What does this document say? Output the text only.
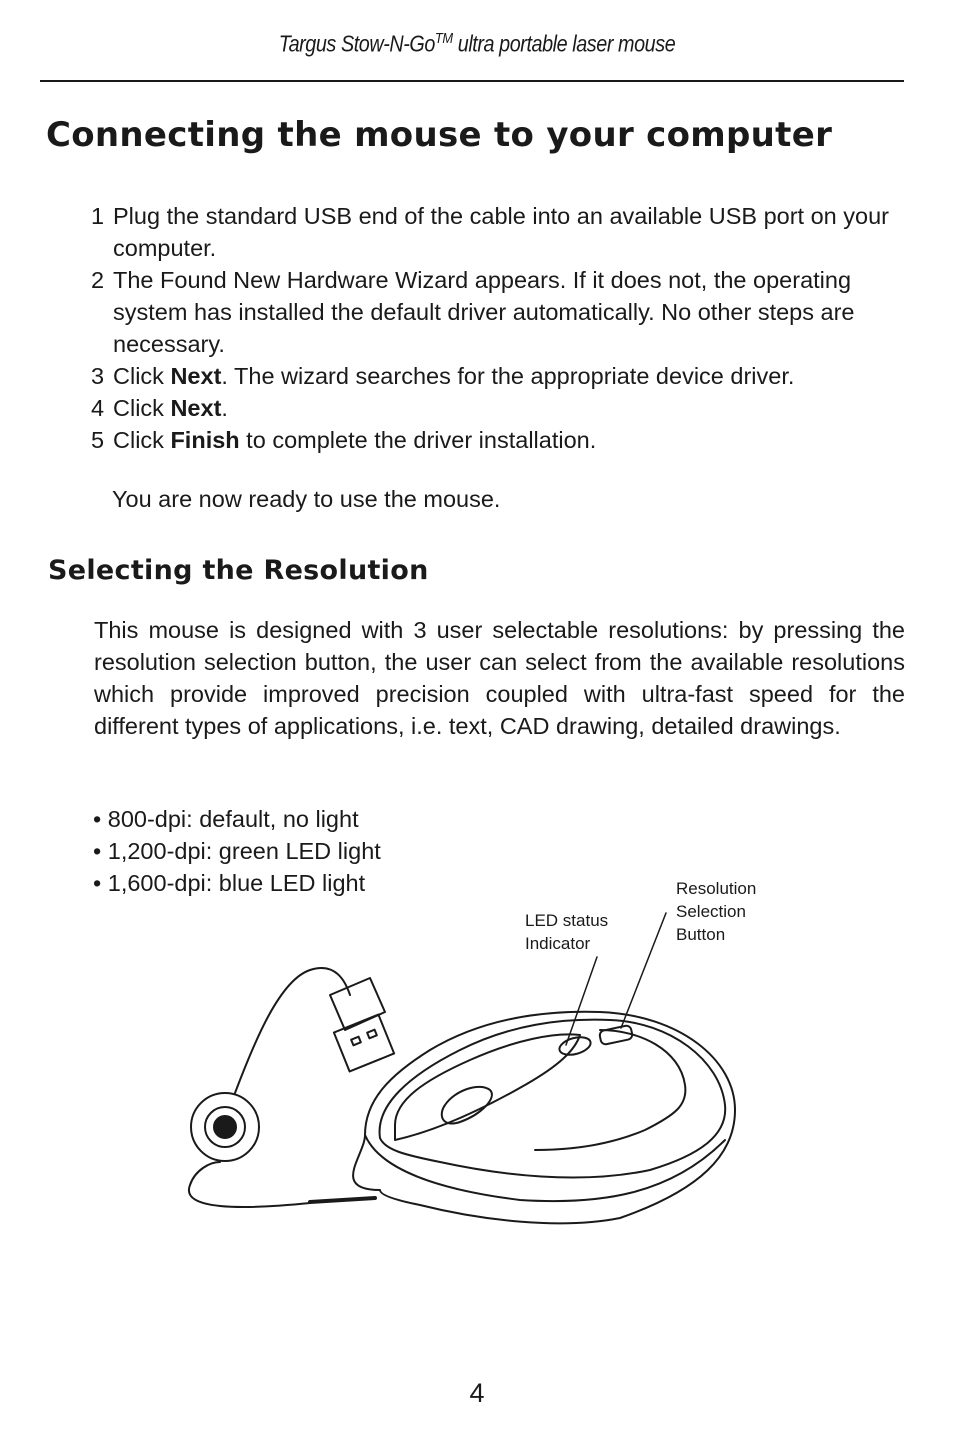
Targus Stow-N-Go™ ultra portable laser mouse
Connecting the mouse to your computer
1 Plug the standard USB end of the cable into an available USB port on your computer.
2 The Found New Hardware Wizard appears. If it does not, the operating system has installed the default driver automatically. No other steps are necessary.
3 Click Next. The wizard searches for the appropriate device driver.
4 Click Next.
5 Click Finish to complete the driver installation.
You are now ready to use the mouse.
Selecting the Resolution
This mouse is designed with 3 user selectable resolutions: by pressing the resolution selection button, the user can select from the available resolutions which provide improved precision coupled with ultra-fast speed for the different types of applications, i.e. text, CAD drawing, detailed drawings.
• 800-dpi: default, no light
• 1,200-dpi: green LED light
• 1,600-dpi: blue LED light
LED status
Indicator
Resolution
Selection
Button
4
